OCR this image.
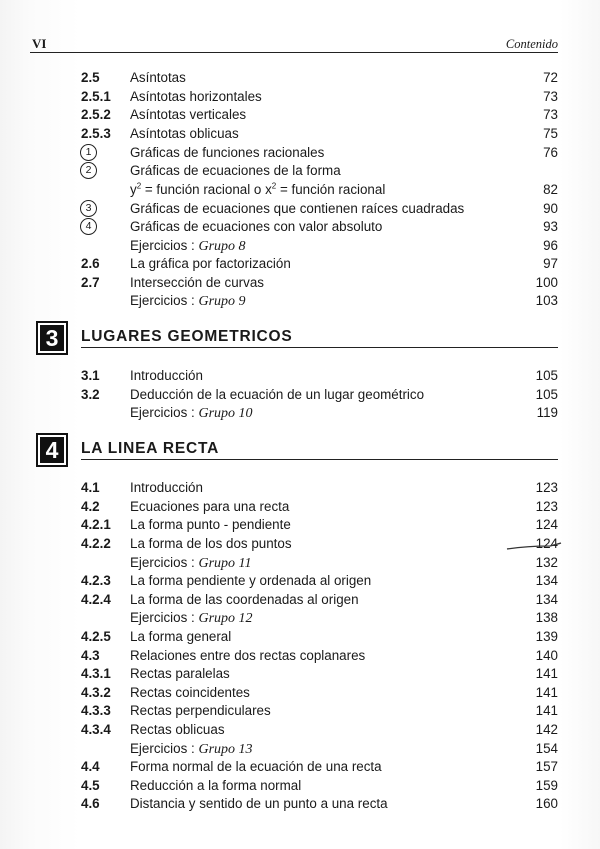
VI	Contenido
2.5 Asíntotas	72
2.5.1 Asíntotas horizontales	73
2.5.2 Asíntotas verticales	73
2.5.3 Asíntotas oblicuas	75
1	Gráficas de funciones racionales	76
2	Gráficas de ecuaciones de la forma
$y^2$ = función racional o $x^2$ = función racional	82
3	Gráficas de ecuaciones que contienen raíces cuadradas	90
4	Gráficas de ecuaciones con valor absoluto	93
Ejercicios : Grupo 8	96
2.6 La gráfica por factorización	97
2.7 Intersección de curvas	100
Ejercicios : Grupo 9	103
3	LUGARES GEOMETRICOS
3.1 Introducción	105
3.2 Deducción de la ecuación de un lugar geométrico	105
Ejercicios : Grupo 10	119
4	LA LINEA RECTA
4.1 Introducción	123
4.2 Ecuaciones para una recta	123
4.2.1 La forma punto - pendiente	124
4.2.2 La forma de los dos puntos	124
Ejercicios : Grupo 11	132
4.2.3 La forma pendiente y ordenada al origen	134
4.2.4 La forma de las coordenadas al origen	134
Ejercicios : Grupo 12	138
4.2.5 La forma general	139
4.3 Relaciones entre dos rectas coplanares	140
4.3.1 Rectas paralelas	141
4.3.2 Rectas coincidentes	141
4.3.3 Rectas perpendiculares	141
4.3.4 Rectas oblicuas	142
Ejercicios : Grupo 13	154
4.4 Forma normal de la ecuación de una recta	157
4.5 Reducción a la forma normal	159
4.6 Distancia y sentido de un punto a una recta	160
